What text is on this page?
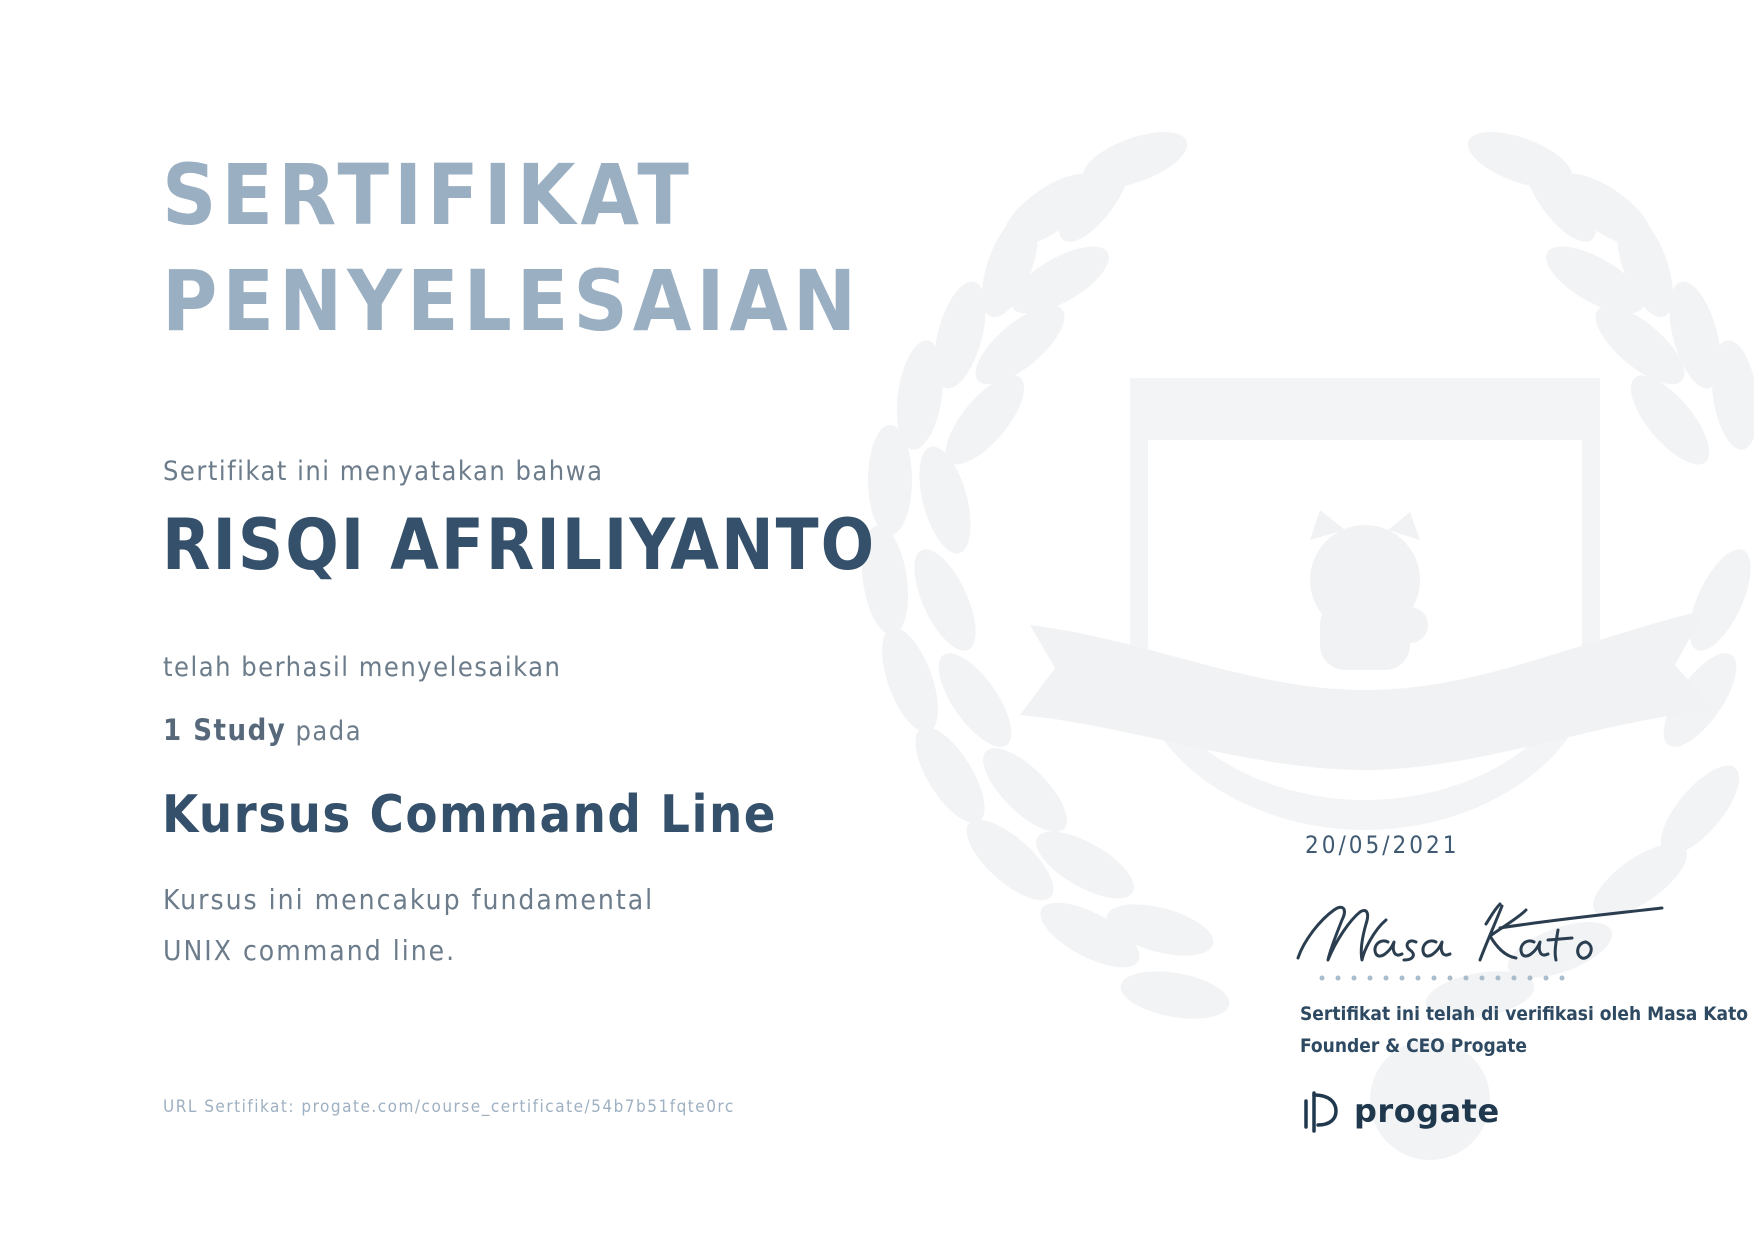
SERTIFIKAT
PENYELESAIAN
Sertifikat ini menyatakan bahwa
RISQI AFRILIYANTO
telah berhasil menyelesaikan
1 Study pada
Kursus Command Line

Kursus ini mencakup fundamental UNIX command line.

URL Sertifikat: progate.com/course_certificate/54b7b51fqte0rc
20/05/2021
Sertifikat ini telah di verifikasi oleh Masa Kato
Founder & CEO Progate
progate
